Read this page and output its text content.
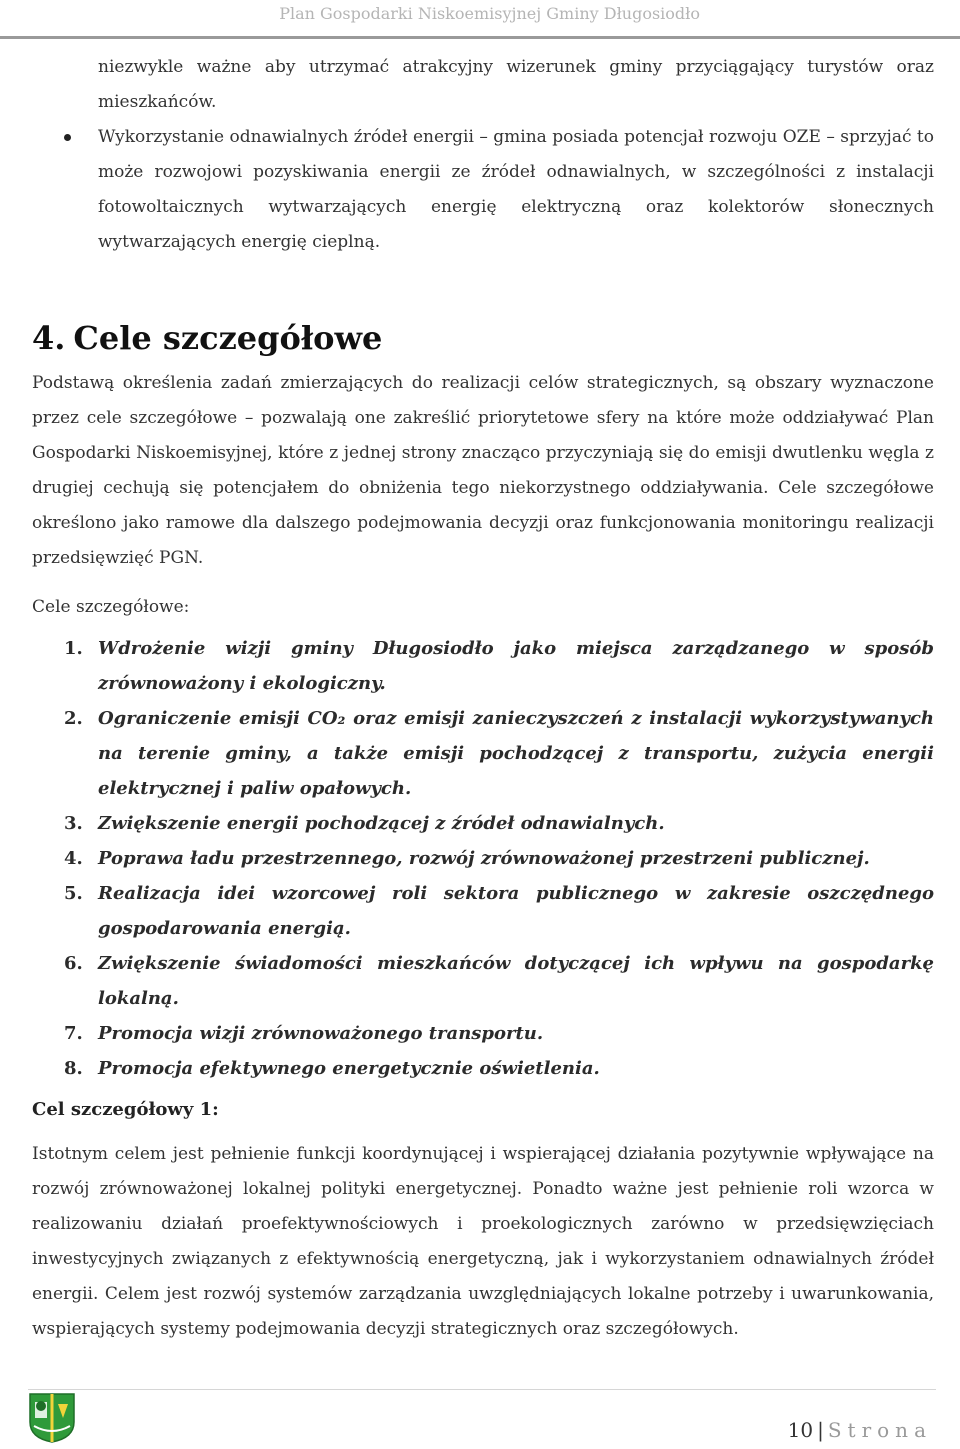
Plan Gospodarki Niskoemisyjnej Gminy Długosiodło

niezwykle ważne aby utrzymać atrakcyjny wizerunek gminy przyciągający turystów oraz mieszkańców.

Wykorzystanie odnawialnych źródeł energii – gmina posiada potencjał rozwoju OZE – sprzyjać to może rozwojowi pozyskiwania energii ze źródeł odnawialnych, w szczególności z instalacji fotowoltaicznych wytwarzających energię elektryczną oraz kolektorów słonecznych wytwarzających energię cieplną.

4. Cele szczegółowe

Podstawą określenia zadań zmierzających do realizacji celów strategicznych, są obszary wyznaczone przez cele szczegółowe – pozwalają one zakreślić priorytetowe sfery na które może oddziaływać Plan Gospodarki Niskoemisyjnej, które z jednej strony znacząco przyczyniają się do emisji dwutlenku węgla z drugiej cechują się potencjałem do obniżenia tego niekorzystnego oddziaływania. Cele szczegółowe określono jako ramowe dla dalszego podejmowania decyzji oraz funkcjonowania monitoringu realizacji przedsięwzięć PGN.

Cele szczegółowe:

1. Wdrożenie wizji gminy Długosiodło jako miejsca zarządzanego w sposób zrównoważony i ekologiczny.
2. Ograniczenie emisji CO₂ oraz emisji zanieczyszczeń z instalacji wykorzystywanych na terenie gminy, a także emisji pochodzącej z transportu, zużycia energii elektrycznej i paliw opałowych.
3. Zwiększenie energii pochodzącej z źródeł odnawialnych.
4. Poprawa ładu przestrzennego, rozwój zrównoważonej przestrzeni publicznej.
5. Realizacja idei wzorcowej roli sektora publicznego w zakresie oszczędnego gospodarowania energią.
6. Zwiększenie świadomości mieszkańców dotyczącej ich wpływu na gospodarkę lokalną.
7. Promocja wizji zrównoważonego transportu.
8. Promocja efektywnego energetycznie oświetlenia.

Cel szczegółowy 1:

Istotnym celem jest pełnienie funkcji koordynującej i wspierającej działania pozytywnie wpływające na rozwój zrównoważonej lokalnej polityki energetycznej. Ponadto ważne jest pełnienie roli wzorca w realizowaniu działań proefektywnościowych i proekologicznych zarówno w przedsięwzięciach inwestycyjnych związanych z efektywnością energetyczną, jak i wykorzystaniem odnawialnych źródeł energii. Celem jest rozwój systemów zarządzania uwzględniających lokalne potrzeby i uwarunkowania, wspierających systemy podejmowania decyzji strategicznych oraz szczegółowych.

10 | Strona
